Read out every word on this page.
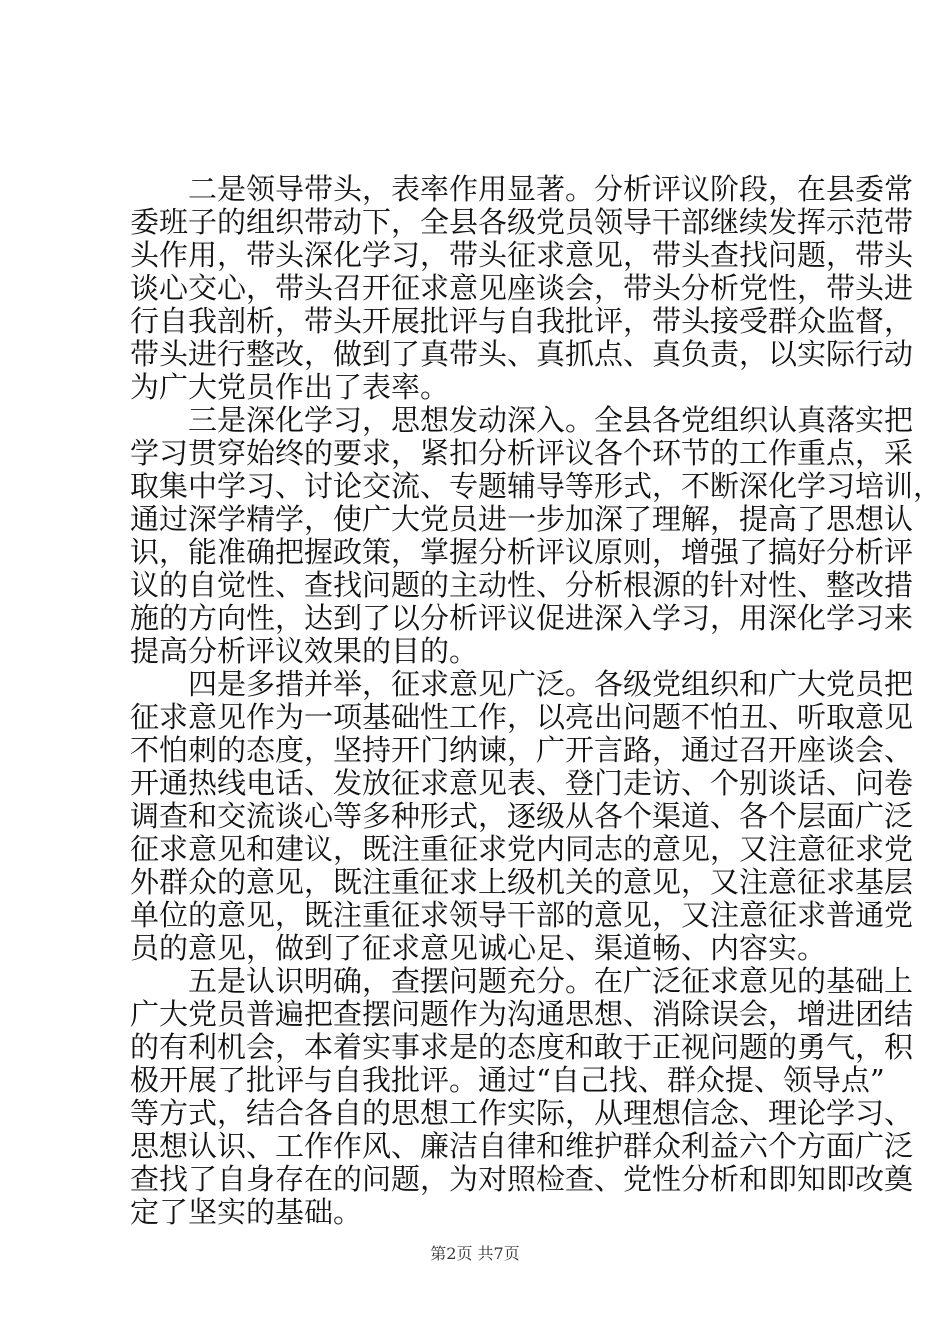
二是领导带头，表率作用显著。分析评议阶段，在县委常
委班子的组织带动下，全县各级党员领导干部继续发挥示范带
头作用，带头深化学习，带头征求意见，带头查找问题，带头
谈心交心，带头召开征求意见座谈会，带头分析党性，带头进
行自我剖析，带头开展批评与自我批评，带头接受群众监督，
带头进行整改，做到了真带头、真抓点、真负责，以实际行动
为广大党员作出了表率。
三是深化学习，思想发动深入。全县各党组织认真落实把
学习贯穿始终的要求，紧扣分析评议各个环节的工作重点，采
取集中学习、讨论交流、专题辅导等形式，不断深化学习培训，
通过深学精学，使广大党员进一步加深了理解，提高了思想认
识，能准确把握政策，掌握分析评议原则，增强了搞好分析评
议的自觉性、查找问题的主动性、分析根源的针对性、整改措
施的方向性，达到了以分析评议促进深入学习，用深化学习来
提高分析评议效果的目的。
四是多措并举，征求意见广泛。各级党组织和广大党员把
征求意见作为一项基础性工作，以亮出问题不怕丑、听取意见
不怕刺的态度，坚持开门纳谏，广开言路，通过召开座谈会、
开通热线电话、发放征求意见表、登门走访、个别谈话、问卷
调查和交流谈心等多种形式，逐级从各个渠道、各个层面广泛
征求意见和建议，既注重征求党内同志的意见，又注意征求党
外群众的意见，既注重征求上级机关的意见，又注意征求基层
单位的意见，既注重征求领导干部的意见，又注意征求普通党
员的意见，做到了征求意见诚心足、渠道畅、内容实。
五是认识明确，查摆问题充分。在广泛征求意见的基础上
广大党员普遍把查摆问题作为沟通思想、消除误会，增进团结
的有利机会，本着实事求是的态度和敢于正视问题的勇气，积
极开展了批评与自我批评。通过“自己找、群众提、领导点”
等方式，结合各自的思想工作实际，从理想信念、理论学习、
思想认识、工作作风、廉洁自律和维护群众利益六个方面广泛
查找了自身存在的问题，为对照检查、党性分析和即知即改奠
定了坚实的基础。
第2页 共7页
